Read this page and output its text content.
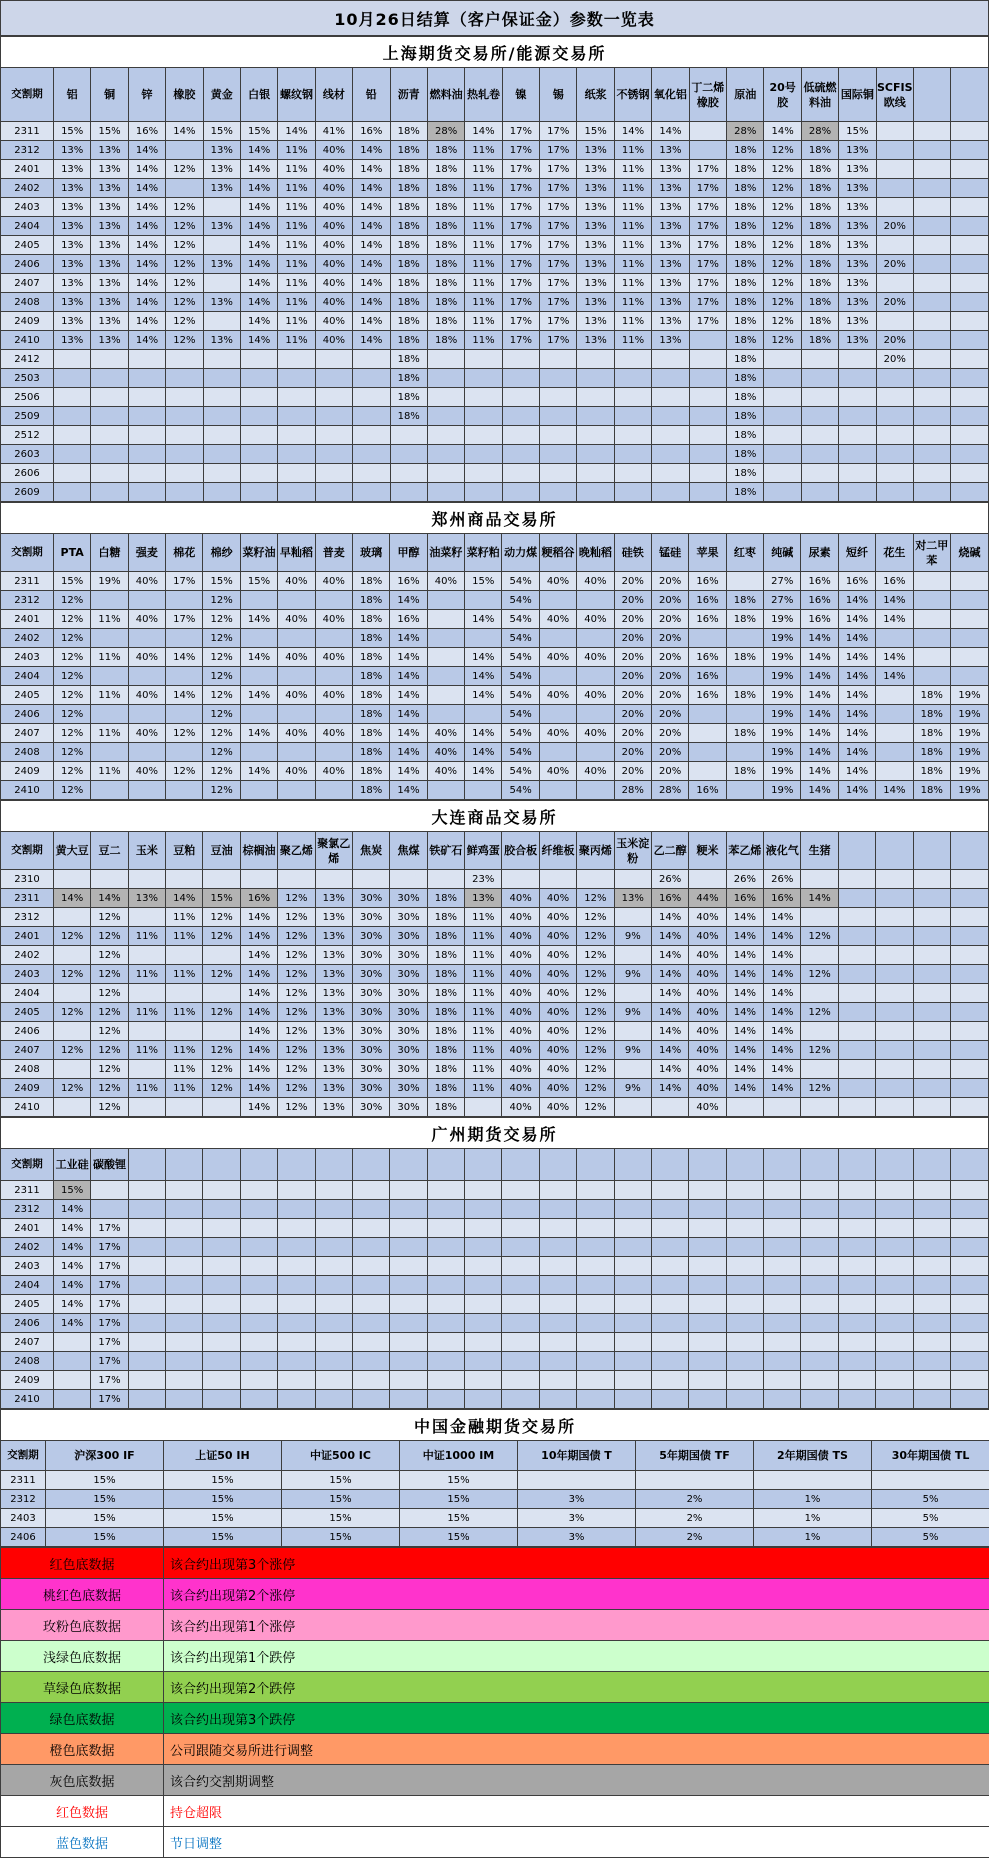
10月26日结算（客户保证金）参数一览表
上海期货交易所/能源交易所																									
交割期	铝	铜	锌	橡胶	黄金	白银	螺纹钢	线材	铅	沥青	燃料油	热轧卷	镍	锡	纸浆	不锈钢	氧化铝	丁二烯橡胶	原油	20号胶	低硫燃料油	国际铜	SCFIS欧线		
2311	15%	15%	16%	14%	15%	15%	14%	41%	16%	18%	28%	14%	17%	17%	15%	14%	14%		28%	14%	28%	15%			
2312	13%	13%	14%		13%	14%	11%	40%	14%	18%	18%	11%	17%	17%	13%	11%	13%		18%	12%	18%	13%			
2401	13%	13%	14%	12%	13%	14%	11%	40%	14%	18%	18%	11%	17%	17%	13%	11%	13%	17%	18%	12%	18%	13%			
2402	13%	13%	14%		13%	14%	11%	40%	14%	18%	18%	11%	17%	17%	13%	11%	13%	17%	18%	12%	18%	13%			
2403	13%	13%	14%	12%		14%	11%	40%	14%	18%	18%	11%	17%	17%	13%	11%	13%	17%	18%	12%	18%	13%			
2404	13%	13%	14%	12%	13%	14%	11%	40%	14%	18%	18%	11%	17%	17%	13%	11%	13%	17%	18%	12%	18%	13%	20%		
2405	13%	13%	14%	12%		14%	11%	40%	14%	18%	18%	11%	17%	17%	13%	11%	13%	17%	18%	12%	18%	13%			
2406	13%	13%	14%	12%	13%	14%	11%	40%	14%	18%	18%	11%	17%	17%	13%	11%	13%	17%	18%	12%	18%	13%	20%		
2407	13%	13%	14%	12%		14%	11%	40%	14%	18%	18%	11%	17%	17%	13%	11%	13%	17%	18%	12%	18%	13%			
2408	13%	13%	14%	12%	13%	14%	11%	40%	14%	18%	18%	11%	17%	17%	13%	11%	13%	17%	18%	12%	18%	13%	20%		
2409	13%	13%	14%	12%		14%	11%	40%	14%	18%	18%	11%	17%	17%	13%	11%	13%	17%	18%	12%	18%	13%			
2410	13%	13%	14%	12%	13%	14%	11%	40%	14%	18%	18%	11%	17%	17%	13%	11%	13%		18%	12%	18%	13%	20%		
2412										18%									18%				20%		
2503										18%									18%						
2506										18%									18%						
2509										18%									18%						
2512																			18%						
2603																			18%						
2606																			18%						
2609																			18%						
郑州商品交易所																									
交割期	PTA	白糖	强麦	棉花	棉纱	菜籽油	早籼稻	普麦	玻璃	甲醇	油菜籽	菜籽粕	动力煤	粳稻谷	晚籼稻	硅铁	锰硅	苹果	红枣	纯碱	尿素	短纤	花生	对二甲苯	烧碱
2311	15%	19%	40%	17%	15%	15%	40%	40%	18%	16%	40%	15%	54%	40%	40%	20%	20%	16%		27%	16%	16%	16%		
2312	12%				12%				18%	14%			54%			20%	20%	16%	18%	27%	16%	14%	14%		
2401	12%	11%	40%	17%	12%	14%	40%	40%	18%	16%		14%	54%	40%	40%	20%	20%	16%	18%	19%	16%	14%	14%		
2402	12%				12%				18%	14%			54%			20%	20%			19%	14%	14%			
2403	12%	11%	40%	14%	12%	14%	40%	40%	18%	14%		14%	54%	40%	40%	20%	20%	16%	18%	19%	14%	14%	14%		
2404	12%				12%				18%	14%		14%	54%			20%	20%	16%		19%	14%	14%	14%		
2405	12%	11%	40%	14%	12%	14%	40%	40%	18%	14%		14%	54%	40%	40%	20%	20%	16%	18%	19%	14%	14%		18%	19%
2406	12%				12%				18%	14%			54%			20%	20%			19%	14%	14%		18%	19%
2407	12%	11%	40%	12%	12%	14%	40%	40%	18%	14%	40%	14%	54%	40%	40%	20%	20%		18%	19%	14%	14%		18%	19%
2408	12%				12%				18%	14%	40%	14%	54%			20%	20%			19%	14%	14%		18%	19%
2409	12%	11%	40%	12%	12%	14%	40%	40%	18%	14%	40%	14%	54%	40%	40%	20%	20%		18%	19%	14%	14%		18%	19%
2410	12%				12%				18%	14%			54%			28%	28%	16%		19%	14%	14%	14%	18%	19%
大连商品交易所																									
交割期	黄大豆	豆二	玉米	豆粕	豆油	棕榈油	聚乙烯	聚氯乙烯	焦炭	焦煤	铁矿石	鲜鸡蛋	胶合板	纤维板	聚丙烯	玉米淀粉	乙二醇	粳米	苯乙烯	液化气	生猪				
2310												23%					26%		26%	26%					
2311	14%	14%	13%	14%	15%	16%	12%	13%	30%	30%	18%	13%	40%	40%	12%	13%	16%	44%	16%	16%	14%				
2312		12%		11%	12%	14%	12%	13%	30%	30%	18%	11%	40%	40%	12%		14%	40%	14%	14%					
2401	12%	12%	11%	11%	12%	14%	12%	13%	30%	30%	18%	11%	40%	40%	12%	9%	14%	40%	14%	14%	12%				
2402		12%				14%	12%	13%	30%	30%	18%	11%	40%	40%	12%		14%	40%	14%	14%					
2403	12%	12%	11%	11%	12%	14%	12%	13%	30%	30%	18%	11%	40%	40%	12%	9%	14%	40%	14%	14%	12%				
2404		12%				14%	12%	13%	30%	30%	18%	11%	40%	40%	12%		14%	40%	14%	14%					
2405	12%	12%	11%	11%	12%	14%	12%	13%	30%	30%	18%	11%	40%	40%	12%	9%	14%	40%	14%	14%	12%				
2406		12%				14%	12%	13%	30%	30%	18%	11%	40%	40%	12%		14%	40%	14%	14%					
2407	12%	12%	11%	11%	12%	14%	12%	13%	30%	30%	18%	11%	40%	40%	12%	9%	14%	40%	14%	14%	12%				
2408		12%		11%	12%	14%	12%	13%	30%	30%	18%	11%	40%	40%	12%		14%	40%	14%	14%					
2409	12%	12%	11%	11%	12%	14%	12%	13%	30%	30%	18%	11%	40%	40%	12%	9%	14%	40%	14%	14%	12%				
2410		12%				14%	12%	13%	30%	30%	18%		40%	40%	12%			40%							
广州期货交易所																									
交割期	工业硅	碳酸锂																							
2311	15%																								
2312	14%																								
2401	14%	17%																							
2402	14%	17%																							
2403	14%	17%																							
2404	14%	17%																							
2405	14%	17%																							
2406	14%	17%																							
2407		17%																							
2408		17%																							
2409		17%																							
2410		17%																							
中国金融期货交易所								
交割期	沪深300 IF	上证50 IH	中证500 IC	中证1000 IM	10年期国债 T	5年期国债 TF	2年期国债 TS	30年期国债 TL
2311	15%	15%	15%	15%				
2312	15%	15%	15%	15%	3%	2%	1%	5%
2403	15%	15%	15%	15%	3%	2%	1%	5%
2406	15%	15%	15%	15%	3%	2%	1%	5%
红色底数据	该合约出现第3个涨停
桃红色底数据	该合约出现第2个涨停
玫粉色底数据	该合约出现第1个涨停
浅绿色底数据	该合约出现第1个跌停
草绿色底数据	该合约出现第2个跌停
绿色底数据	该合约出现第3个跌停
橙色底数据	公司跟随交易所进行调整
灰色底数据	该合约交割期调整
红色数据	持仓超限
蓝色数据	节日调整
